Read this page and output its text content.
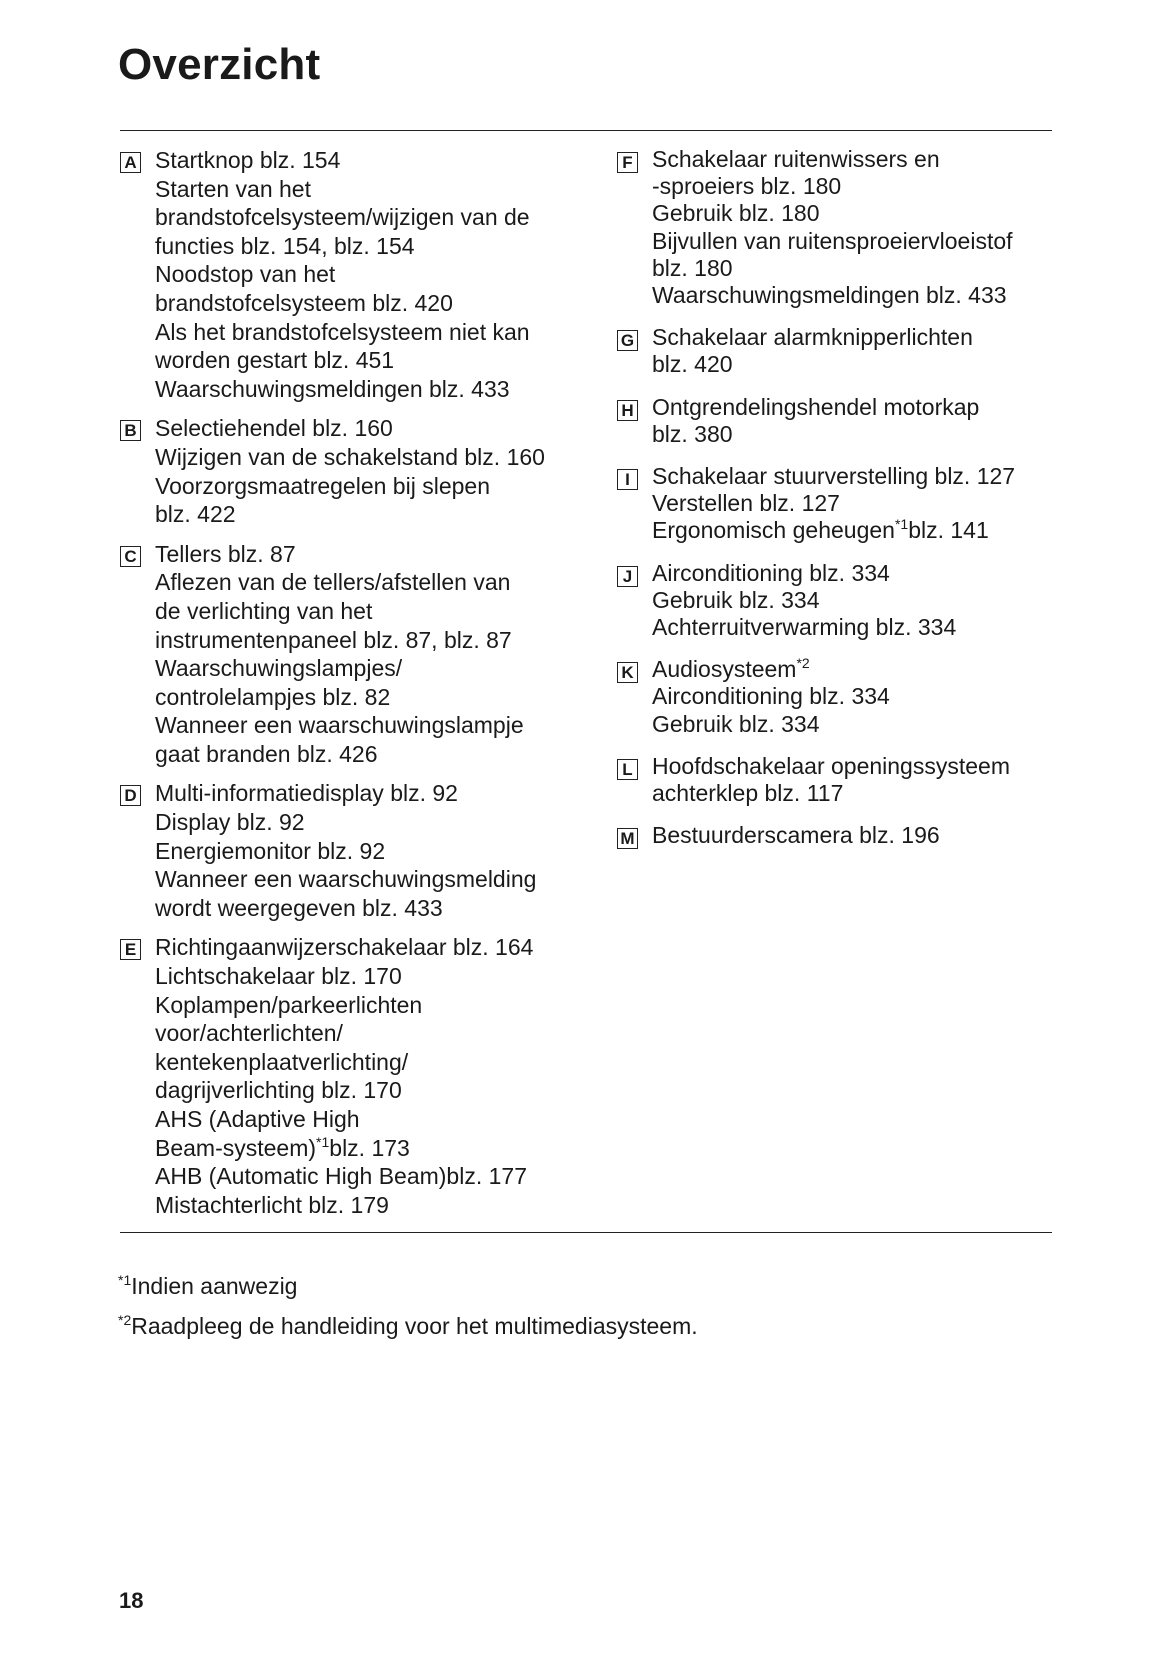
Overzicht
A Startknop blz. 154
Starten van het
brandstofcelsysteem/wijzigen van de
functies blz. 154, blz. 154
Noodstop van het
brandstofcelsysteem blz. 420
Als het brandstofcelsysteem niet kan
worden gestart blz. 451
Waarschuwingsmeldingen blz. 433
B Selectiehendel blz. 160
Wijzigen van de schakelstand blz. 160
Voorzorgsmaatregelen bij slepen
blz. 422
C Tellers blz. 87
Aflezen van de tellers/afstellen van
de verlichting van het
instrumentenpaneel blz. 87, blz. 87
Waarschuwingslampjes/
controlelampjes blz. 82
Wanneer een waarschuwingslampje
gaat branden blz. 426
D Multi-informatiedisplay blz. 92
Display blz. 92
Energiemonitor blz. 92
Wanneer een waarschuwingsmelding
wordt weergegeven blz. 433
E Richtingaanwijzerschakelaar blz. 164
Lichtschakelaar blz. 170
Koplampen/parkeerlichten
voor/achterlichten/
kentekenplaatverlichting/
dagrijverlichting blz. 170
AHS (Adaptive High
Beam-systeem)$^{*1}$blz. 173
AHB (Automatic High Beam)blz. 177
Mistachterlicht blz. 179
F Schakelaar ruitenwissers en
-sproeiers blz. 180
Gebruik blz. 180
Bijvullen van ruitensproeiervloeistof
blz. 180
Waarschuwingsmeldingen blz. 433
G Schakelaar alarmknipperlichten
blz. 420
H Ontgrendelingshendel motorkap
blz. 380
I Schakelaar stuurverstelling blz. 127
Verstellen blz. 127
Ergonomisch geheugen$^{*1}$blz. 141
J Airconditioning blz. 334
Gebruik blz. 334
Achterruitverwarming blz. 334
K Audiosysteem$^{*2}$
Airconditioning blz. 334
Gebruik blz. 334
L Hoofdschakelaar openingssysteem
achterklep blz. 117
M Bestuurderscamera blz. 196
$^{*1}$Indien aanwezig
$^{*2}$Raadpleeg de handleiding voor het multimediasysteem.
18
